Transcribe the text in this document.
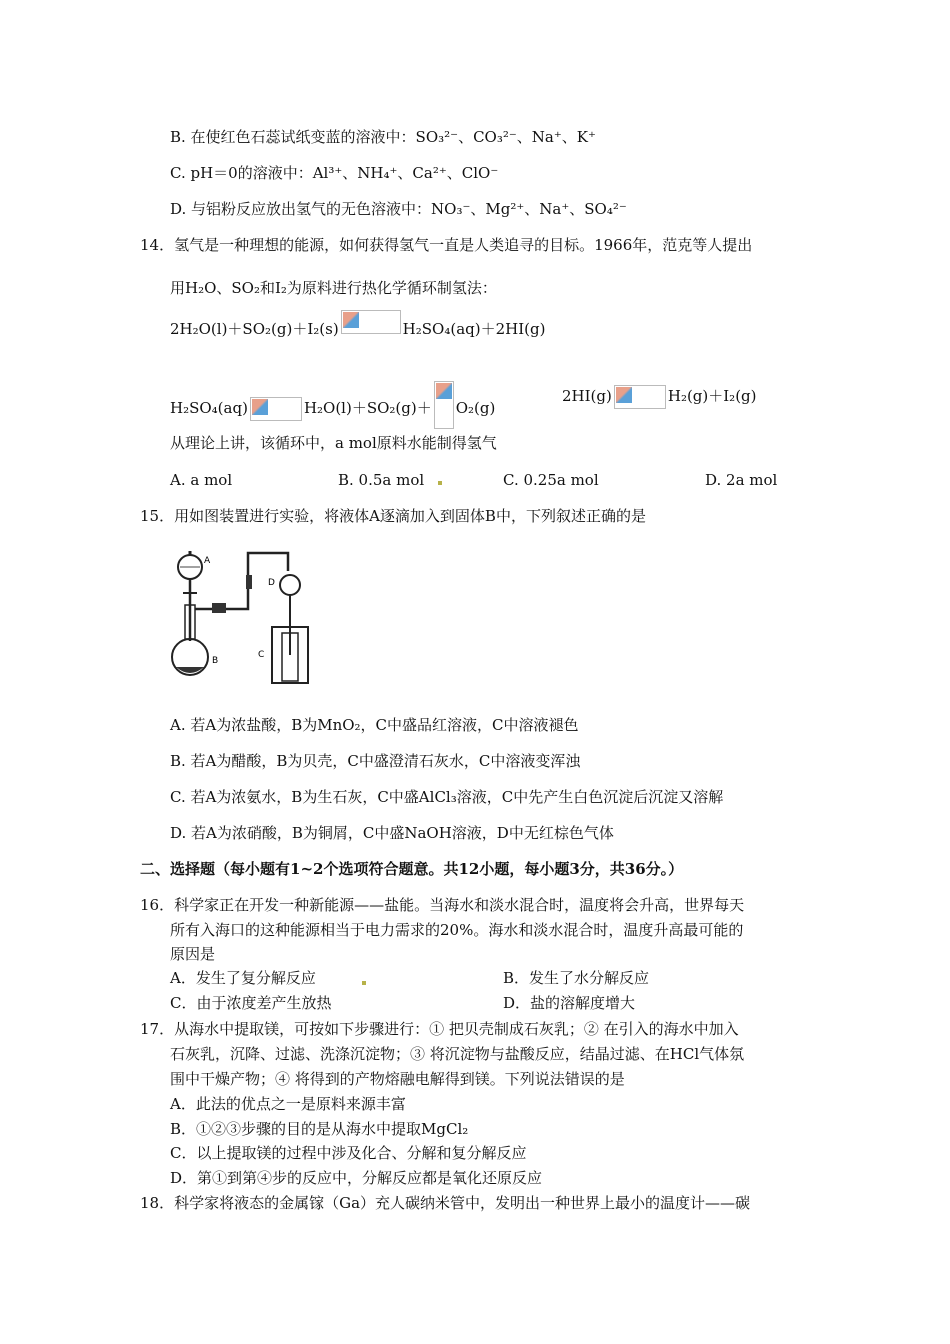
B. 在使红色石蕊试纸变蓝的溶液中：SO₃²⁻、CO₃²⁻、Na⁺、K⁺
C. pH＝0的溶液中：Al³⁺、NH₄⁺、Ca²⁺、ClO⁻
D. 与铝粉反应放出氢气的无色溶液中：NO₃⁻、Mg²⁺、Na⁺、SO₄²⁻
14．氢气是一种理想的能源，如何获得氢气一直是人类追寻的目标。1966年，范克等人提出
用H₂O、SO₂和I₂为原料进行热化学循环制氢法：
2H₂O(l)＋SO₂(g)＋I₂(s)	H₂SO₄(aq)＋2HI(g)
H₂SO₄(aq)	H₂O(l)＋SO₂(g)＋ O₂(g)
2HI(g)	H₂(g)＋I₂(g)
从理论上讲，该循环中，a mol原料水能制得氢气
A. a mol	B. 0.5a mol	C. 0.25a mol	D. 2a mol
15．用如图装置进行实验，将液体A逐滴加入到固体B中，下列叙述正确的是
A
B
D
C
A. 若A为浓盐酸，B为MnO₂，C中盛品红溶液，C中溶液褪色
B. 若A为醋酸，B为贝壳，C中盛澄清石灰水，C中溶液变浑浊
C. 若A为浓氨水，B为生石灰，C中盛AlCl₃溶液，C中先产生白色沉淀后沉淀又溶解
D. 若A为浓硝酸，B为铜屑，C中盛NaOH溶液，D中无红棕色气体
二、选择题（每小题有1~2个选项符合题意。共12小题，每小题3分，共36分。）
16．科学家正在开发一种新能源——盐能。当海水和淡水混合时，温度将会升高，世界每天
所有入海口的这种能源相当于电力需求的20%。海水和淡水混合时，温度升高最可能的
原因是
A．发生了复分解反应	B．发生了水分解反应
C．由于浓度差产生放热	D．盐的溶解度增大
17．从海水中提取镁，可按如下步骤进行：① 把贝壳制成石灰乳；② 在引入的海水中加入
石灰乳，沉降、过滤、洗涤沉淀物；③ 将沉淀物与盐酸反应，结晶过滤、在HCl气体氛
围中干燥产物；④ 将得到的产物熔融电解得到镁。下列说法错误的是
A．此法的优点之一是原料来源丰富
B．①②③步骤的目的是从海水中提取MgCl₂
C．以上提取镁的过程中涉及化合、分解和复分解反应
D．第①到第④步的反应中，分解反应都是氧化还原反应
18．科学家将液态的金属镓（Ga）充人碳纳米管中，发明出一种世界上最小的温度计——碳
